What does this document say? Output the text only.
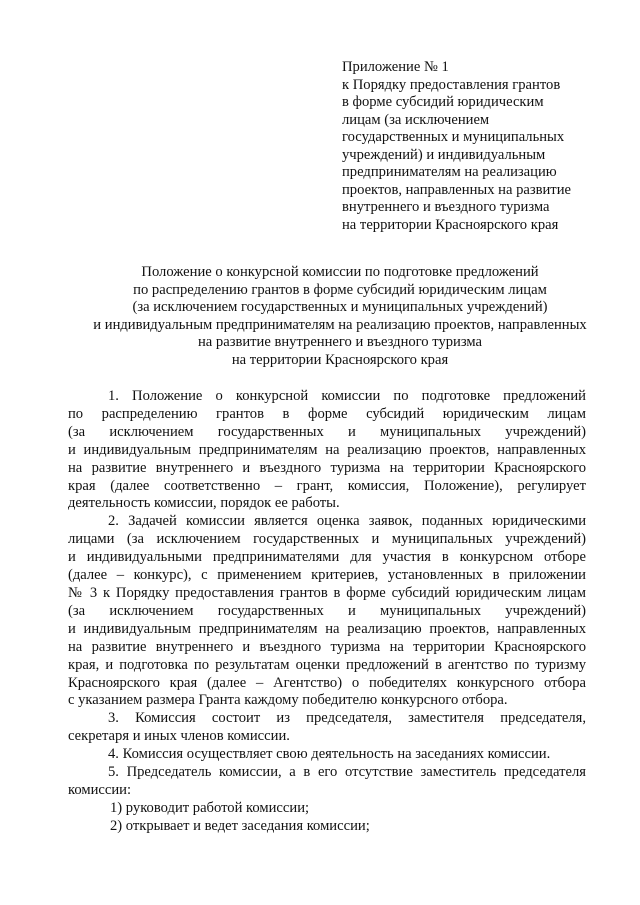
Приложение № 1
к Порядку предоставления грантов
в форме субсидий юридическим
лицам (за исключением
государственных и муниципальных
учреждений) и индивидуальным
предпринимателям на реализацию
проектов, направленных на развитие
внутреннего и въездного туризма
на территории Красноярского края
Положение о конкурсной комиссии по подготовке предложений
по распределению грантов в форме субсидий юридическим лицам
(за исключением государственных и муниципальных учреждений)
и индивидуальным предпринимателям на реализацию проектов, направленных
на развитие внутреннего и въездного туризма
на территории Красноярского края
1. Положение о конкурсной комиссии по подготовке предложений
по распределению грантов в форме субсидий юридическим лицам
(за исключением государственных и муниципальных учреждений)
и индивидуальным предпринимателям на реализацию проектов, направленных
на развитие внутреннего и въездного туризма на территории Красноярского
края (далее соответственно – грант, комиссия, Положение), регулирует
деятельность комиссии, порядок ее работы.
2. Задачей комиссии является оценка заявок, поданных юридическими
лицами (за исключением государственных и муниципальных учреждений)
и индивидуальными предпринимателями для участия в конкурсном отборе
(далее – конкурс), с применением критериев, установленных в приложении
№ 3 к Порядку предоставления грантов в форме субсидий юридическим лицам
(за исключением государственных и муниципальных учреждений)
и индивидуальным предпринимателям на реализацию проектов, направленных
на развитие внутреннего и въездного туризма на территории Красноярского
края, и подготовка по результатам оценки предложений в агентство по туризму
Красноярского края (далее – Агентство) о победителях конкурсного отбора
с указанием размера Гранта каждому победителю конкурсного отбора.
3. Комиссия состоит из председателя, заместителя председателя,
секретаря и иных членов комиссии.
4. Комиссия осуществляет свою деятельность на заседаниях комиссии.
5. Председатель комиссии, а в его отсутствие заместитель председателя
комиссии:
1) руководит работой комиссии;
2) открывает и ведет заседания комиссии;
